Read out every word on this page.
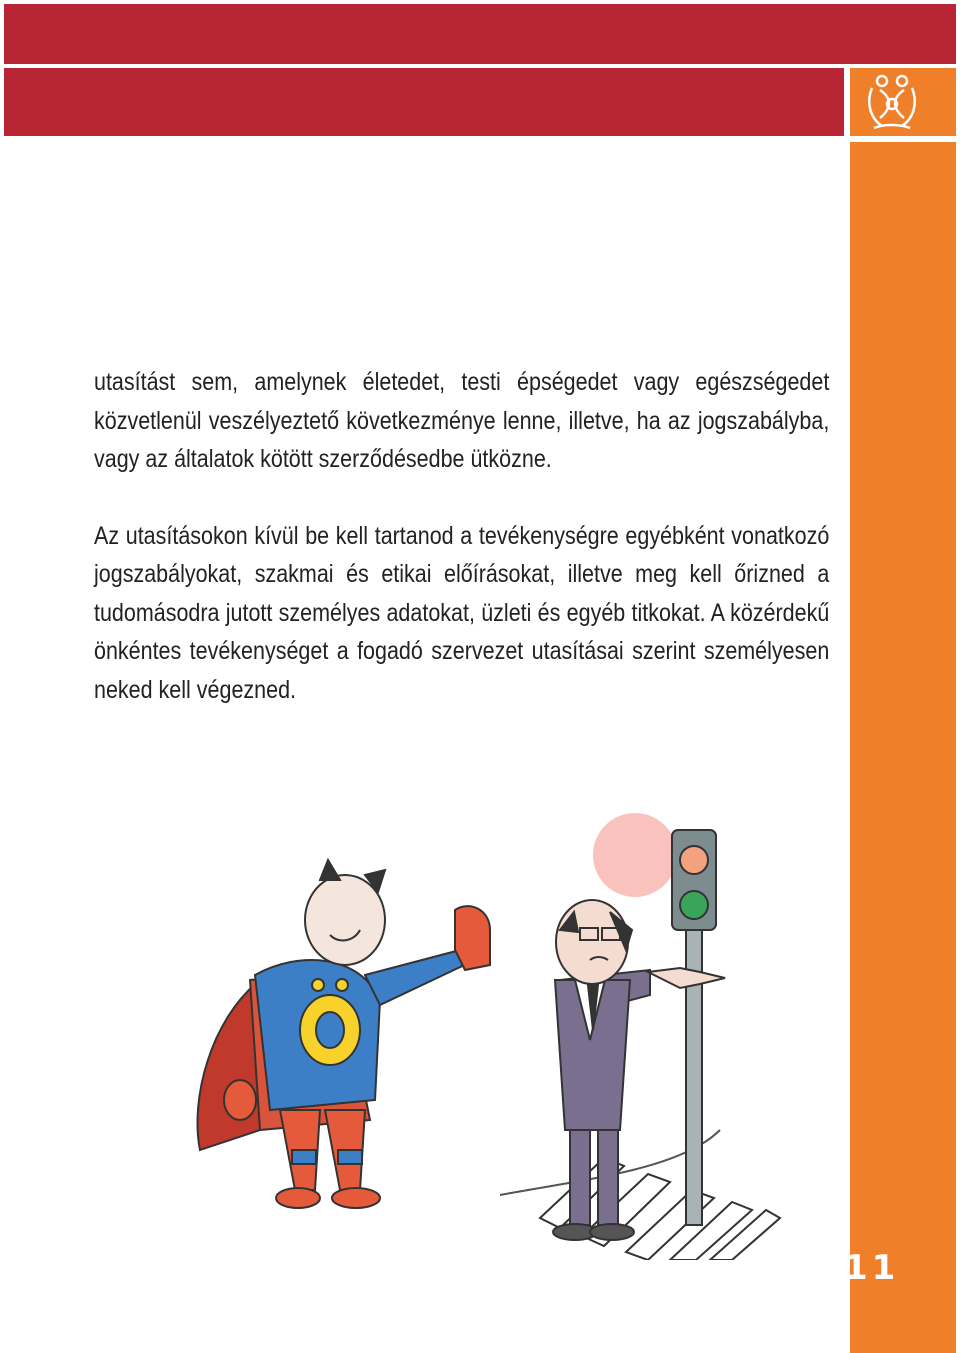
utasítást sem, amelynek életedet, testi épségedet vagy egészségedet közvetlenül veszélyeztető következménye lenne, illetve, ha az jogszabályba, vagy az általatok kötött szerződésedbe ütközne.

Az utasításokon kívül be kell tartanod a tevékenységre egyébként vonatkozó jogszabályokat, szakmai és etikai előírásokat, illetve meg kell őrizned a tudomásodra jutott személyes adatokat, üzleti és egyéb titkokat. A közérdekű önkéntes tevékenységet a fogadó szervezet utasításai szerint személyesen neked kell végezned.

11
